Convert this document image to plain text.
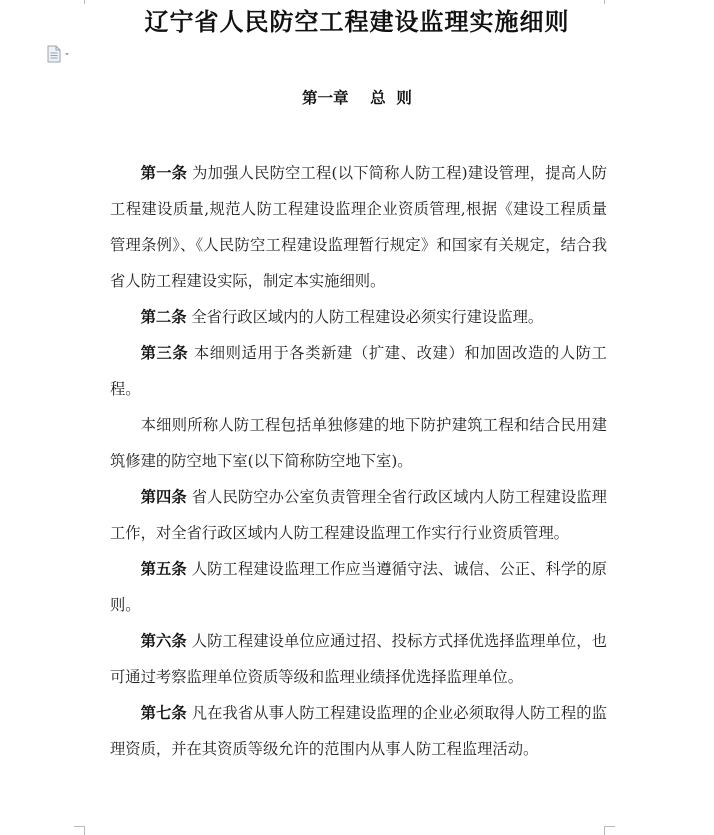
辽宁省人民防空工程建设监理实施细则
第一章    总  则

第一条 为加强人民防空工程(以下简称人防工程)建设管理，提高人防工程建设质量,规范人防工程建设监理企业资质管理,根据《建设工程质量管理条例》、《人民防空工程建设监理暂行规定》和国家有关规定，结合我省人防工程建设实际，制定本实施细则。

第二条 全省行政区域内的人防工程建设必须实行建设监理。

第三条 本细则适用于各类新建（扩建、改建）和加固改造的人防工程。

本细则所称人防工程包括单独修建的地下防护建筑工程和结合民用建筑修建的防空地下室(以下简称防空地下室)。

第四条 省人民防空办公室负责管理全省行政区域内人防工程建设监理工作，对全省行政区域内人防工程建设监理工作实行行业资质管理。

第五条 人防工程建设监理工作应当遵循守法、诚信、公正、科学的原则。

第六条 人防工程建设单位应通过招、投标方式择优选择监理单位，也可通过考察监理单位资质等级和监理业绩择优选择监理单位。

第七条 凡在我省从事人防工程建设监理的企业必须取得人防工程的监理资质，并在其资质等级允许的范围内从事人防工程监理活动。
